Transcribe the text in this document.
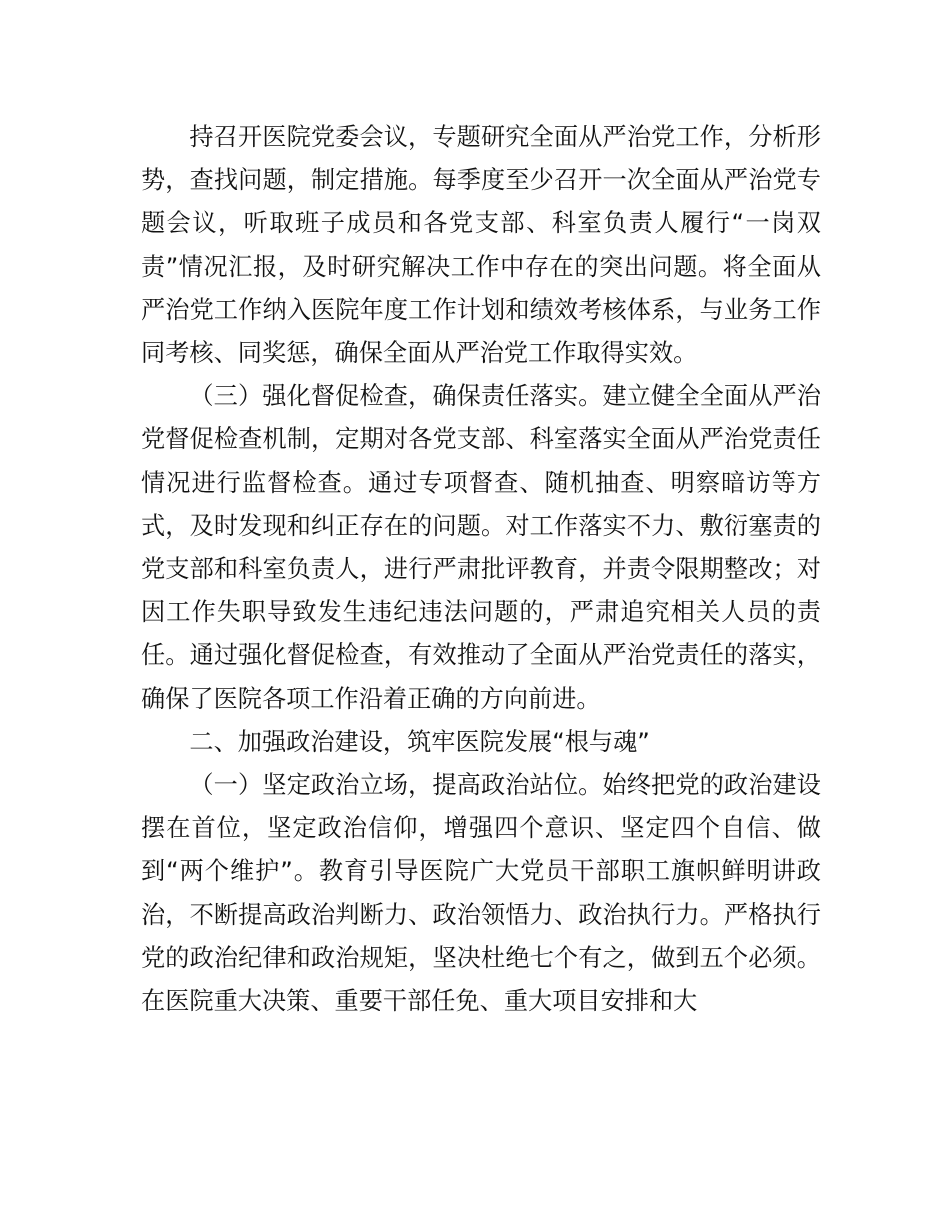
持召开医院党委会议，专题研究全面从严治党工作，分析形势，查找问题，制定措施。每季度至少召开一次全面从严治党专题会议，听取班子成员和各党支部、科室负责人履行“一岗双责”情况汇报，及时研究解决工作中存在的突出问题。将全面从严治党工作纳入医院年度工作计划和绩效考核体系，与业务工作同考核、同奖惩，确保全面从严治党工作取得实效。

（三）强化督促检查，确保责任落实。建立健全全面从严治党督促检查机制，定期对各党支部、科室落实全面从严治党责任情况进行监督检查。通过专项督查、随机抽查、明察暗访等方式，及时发现和纠正存在的问题。对工作落实不力、敷衍塞责的党支部和科室负责人，进行严肃批评教育，并责令限期整改；对因工作失职导致发生违纪违法问题的，严肃追究相关人员的责任。通过强化督促检查，有效推动了全面从严治党责任的落实，确保了医院各项工作沿着正确的方向前进。

二、加强政治建设，筑牢医院发展“根与魂”

（一）坚定政治立场，提高政治站位。始终把党的政治建设摆在首位，坚定政治信仰，增强四个意识、坚定四个自信、做到“两个维护”。教育引导医院广大党员干部职工旗帜鲜明讲政治，不断提高政治判断力、政治领悟力、政治执行力。严格执行党的政治纪律和政治规矩，坚决杜绝七个有之，做到五个必须。在医院重大决策、重要干部任免、重大项目安排和大
